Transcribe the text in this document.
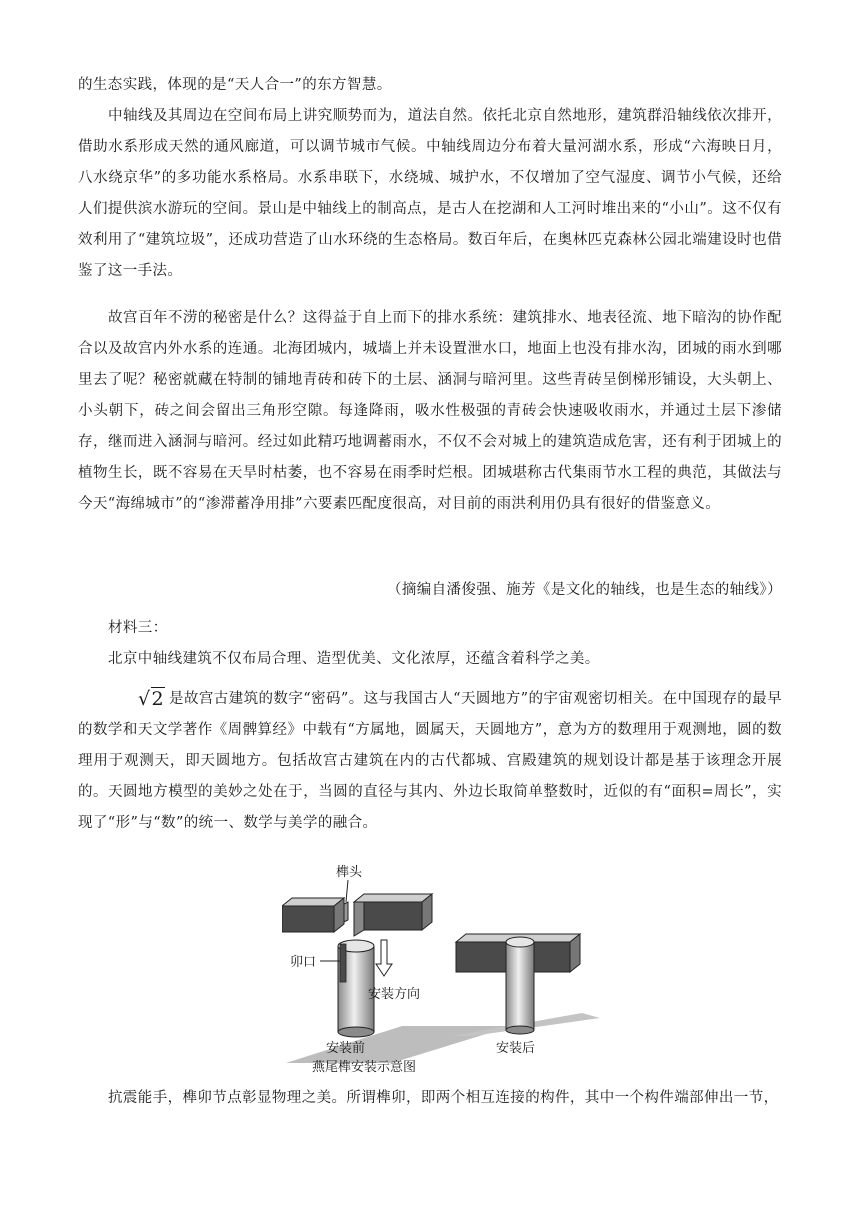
的生态实践，体现的是“天人合一”的东方智慧。

中轴线及其周边在空间布局上讲究顺势而为，道法自然。依托北京自然地形，建筑群沿轴线依次排开，借助水系形成天然的通风廊道，可以调节城市气候。中轴线周边分布着大量河湖水系，形成“六海映日月，八水绕京华”的多功能水系格局。水系串联下，水绕城、城护水，不仅增加了空气湿度、调节小气候，还给人们提供滨水游玩的空间。景山是中轴线上的制高点，是古人在挖湖和人工河时堆出来的“小山”。这不仅有效利用了“建筑垃圾”，还成功营造了山水环绕的生态格局。数百年后，在奥林匹克森林公园北端建设时也借鉴了这一手法。

故宫百年不涝的秘密是什么？这得益于自上而下的排水系统：建筑排水、地表径流、地下暗沟的协作配合以及故宫内外水系的连通。北海团城内，城墙上并未设置泄水口，地面上也没有排水沟，团城的雨水到哪里去了呢？秘密就藏在特制的铺地青砖和砖下的土层、涵洞与暗河里。这些青砖呈倒梯形铺设，大头朝上、小头朝下，砖之间会留出三角形空隙。每逢降雨，吸水性极强的青砖会快速吸收雨水，并通过土层下渗储存，继而进入涵洞与暗河。经过如此精巧地调蓄雨水，不仅不会对城上的建筑造成危害，还有利于团城上的植物生长，既不容易在天旱时枯萎，也不容易在雨季时烂根。团城堪称古代集雨节水工程的典范，其做法与今天“海绵城市”的“渗滞蓄净用排”六要素匹配度很高，对目前的雨洪利用仍具有很好的借鉴意义。

（摘编自潘俊强、施芳《是文化的轴线，也是生态的轴线》）

材料三：

北京中轴线建筑不仅布局合理、造型优美、文化浓厚，还蕴含着科学之美。

√2 是故宫古建筑的数字“密码”。这与我国古人“天圆地方”的宇宙观密切相关。在中国现存的最早的数学和天文学著作《周髀算经》中载有“方属地，圆属天，天圆地方”，意为方的数理用于观测地，圆的数理用于观测天，即天圆地方。包括故宫古建筑在内的古代都城、宫殿建筑的规划设计都是基于该理念开展的。天圆地方模型的美妙之处在于，当圆的直径与其内、外边长取简单整数时，近似的有“面积=周长”，实现了“形”与“数”的统一、数学与美学的融合。

榫头
卯口
安装方向
安装前	安装后
燕尾榫安装示意图

抗震能手，榫卯节点彰显物理之美。所谓榫卯，即两个相互连接的构件，其中一个构件端部伸出一节，
